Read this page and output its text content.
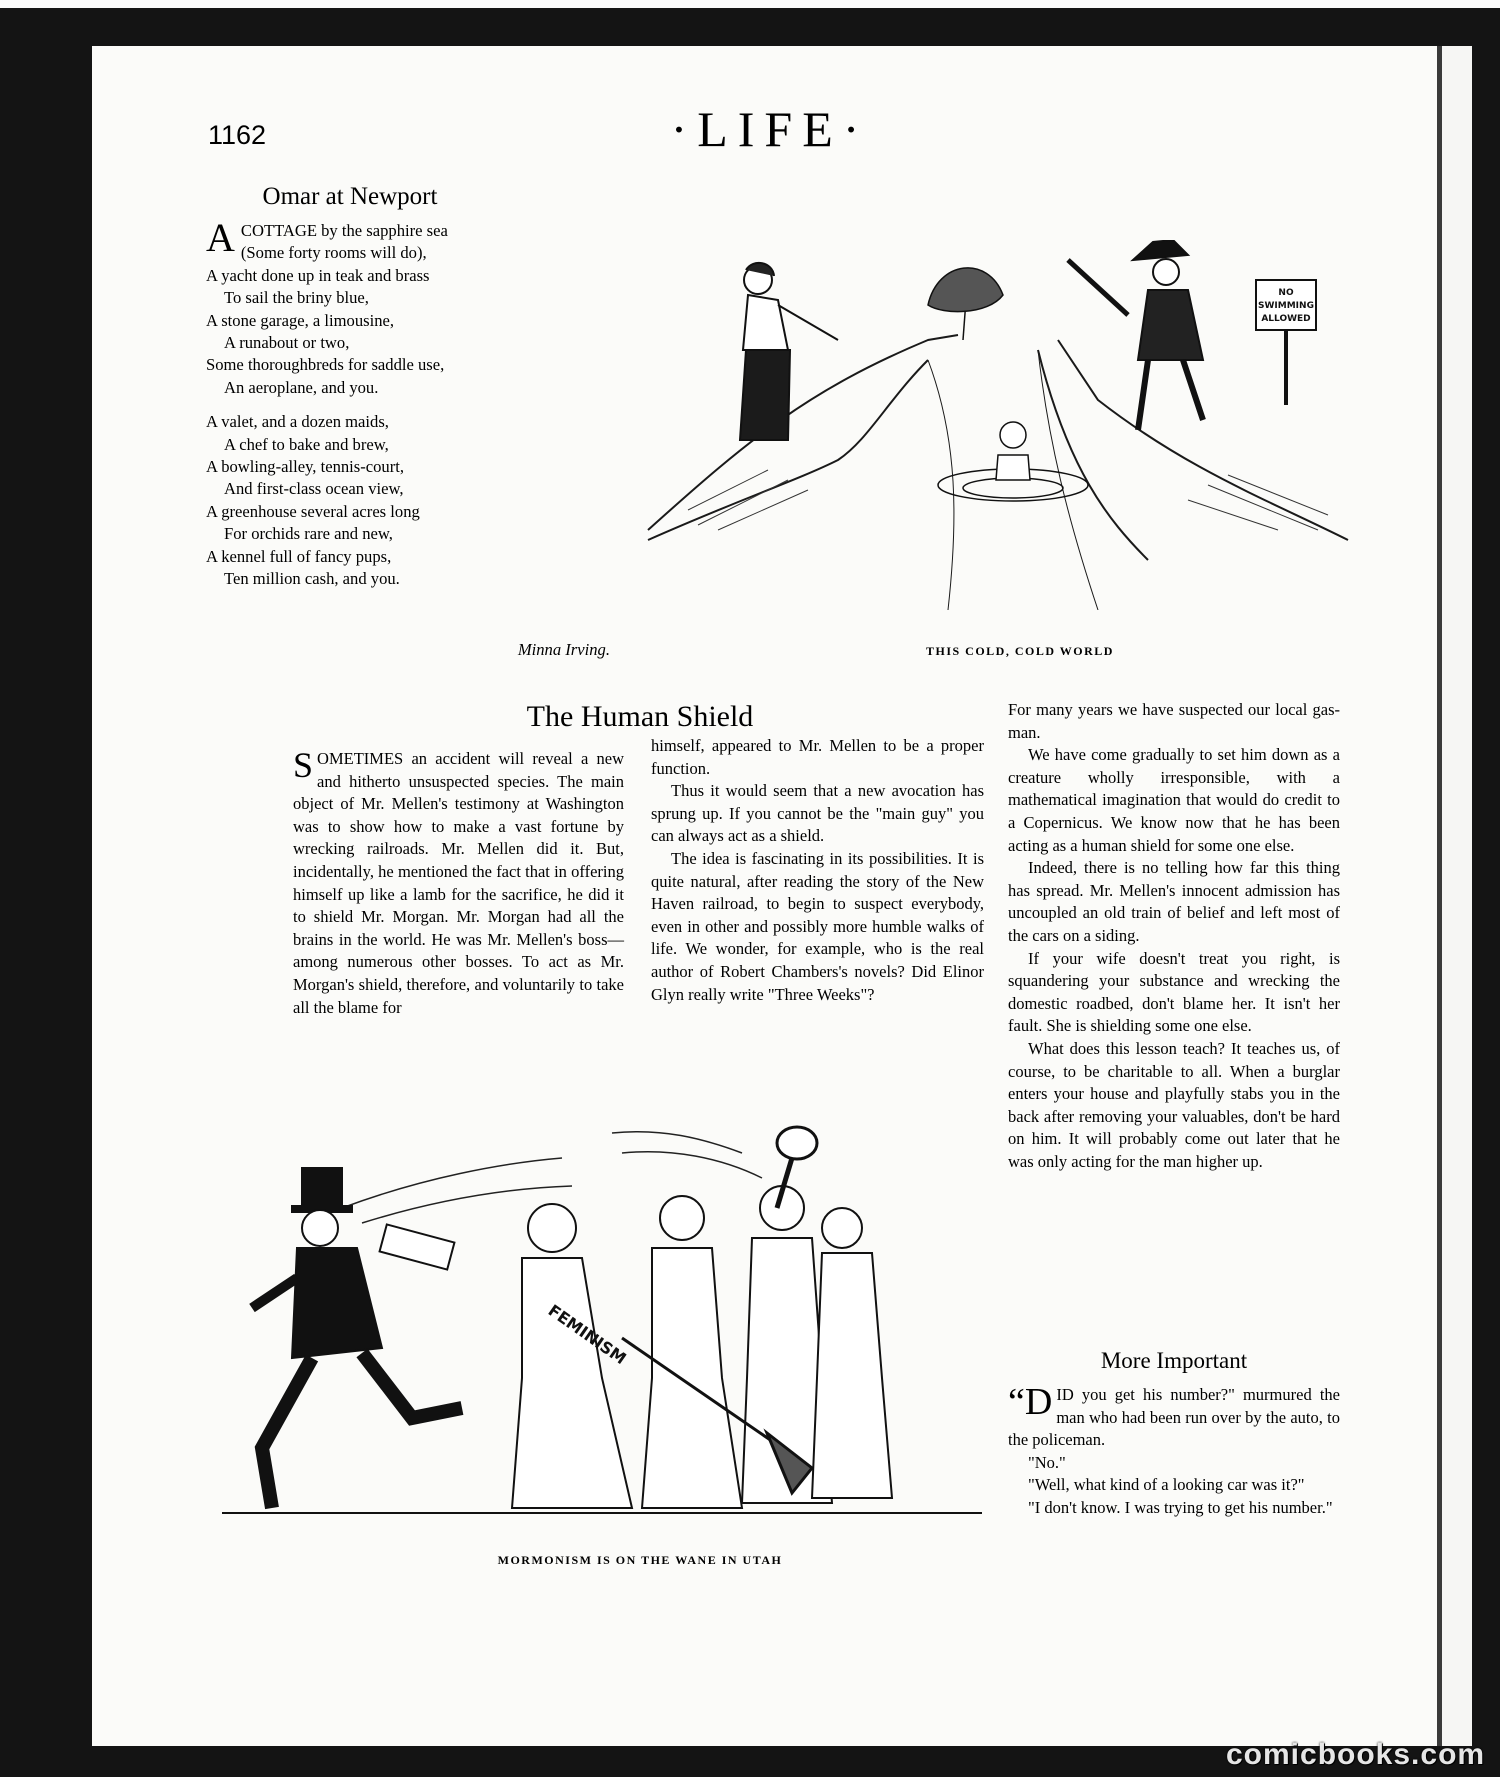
1162	·LIFE·
Omar at Newport
A COTTAGE by the sapphire sea
(Some forty rooms will do),
A yacht done up in teak and brass
To sail the briny blue,
A stone garage, a limousine,
A runabout or two,
Some thoroughbreds for saddle use,
An aeroplane, and you.
A valet, and a dozen maids,
A chef to bake and brew,
A bowling-alley, tennis-court,
And first-class ocean view,
A greenhouse several acres long
For orchids rare and new,
A kennel full of fancy pups,
Ten million cash, and you.
Minna Irving.
NO
SWIMMING
ALLOWED
THIS COLD, COLD WORLD
The Human Shield

SOMETIMES an accident will reveal a new and hitherto unsuspected species. The main object of Mr. Mellen's testimony at Washington was to show how to make a vast fortune by wrecking railroads. Mr. Mellen did it. But, incidentally, he mentioned the fact that in offering himself up like a lamb for the sacrifice, he did it to shield Mr. Morgan. Mr. Morgan had all the brains in the world. He was Mr. Mellen's boss—among numerous other bosses. To act as Mr. Morgan's shield, therefore, and voluntarily to take all the blame for

himself, appeared to Mr. Mellen to be a proper function.

Thus it would seem that a new avocation has sprung up. If you cannot be the "main guy" you can always act as a shield.

The idea is fascinating in its possibilities. It is quite natural, after reading the story of the New Haven railroad, to begin to suspect everybody, even in other and possibly more humble walks of life. We wonder, for example, who is the real author of Robert Chambers's novels? Did Elinor Glyn really write "Three Weeks"?

For many years we have suspected our local gas-man.

We have come gradually to set him down as a creature wholly irresponsible, with a mathematical imagination that would do credit to a Copernicus. We know now that he has been acting as a human shield for some one else.

Indeed, there is no telling how far this thing has spread. Mr. Mellen's innocent admission has uncoupled an old train of belief and left most of the cars on a siding.

If your wife doesn't treat you right, is squandering your substance and wrecking the domestic roadbed, don't blame her. It isn't her fault. She is shielding some one else.

What does this lesson teach? It teaches us, of course, to be charitable to all. When a burglar enters your house and playfully stabs you in the back after removing your valuables, don't be hard on him. It will probably come out later that he was only acting for the man higher up.

FEMINISM
MORMONISM IS ON THE WANE IN UTAH
More Important

“D ID you get his number?" murmured the man who had been run over by the auto, to the policeman.

"No."

"Well, what kind of a looking car was it?"

"I don't know. I was trying to get his number."

comicbooks.com
